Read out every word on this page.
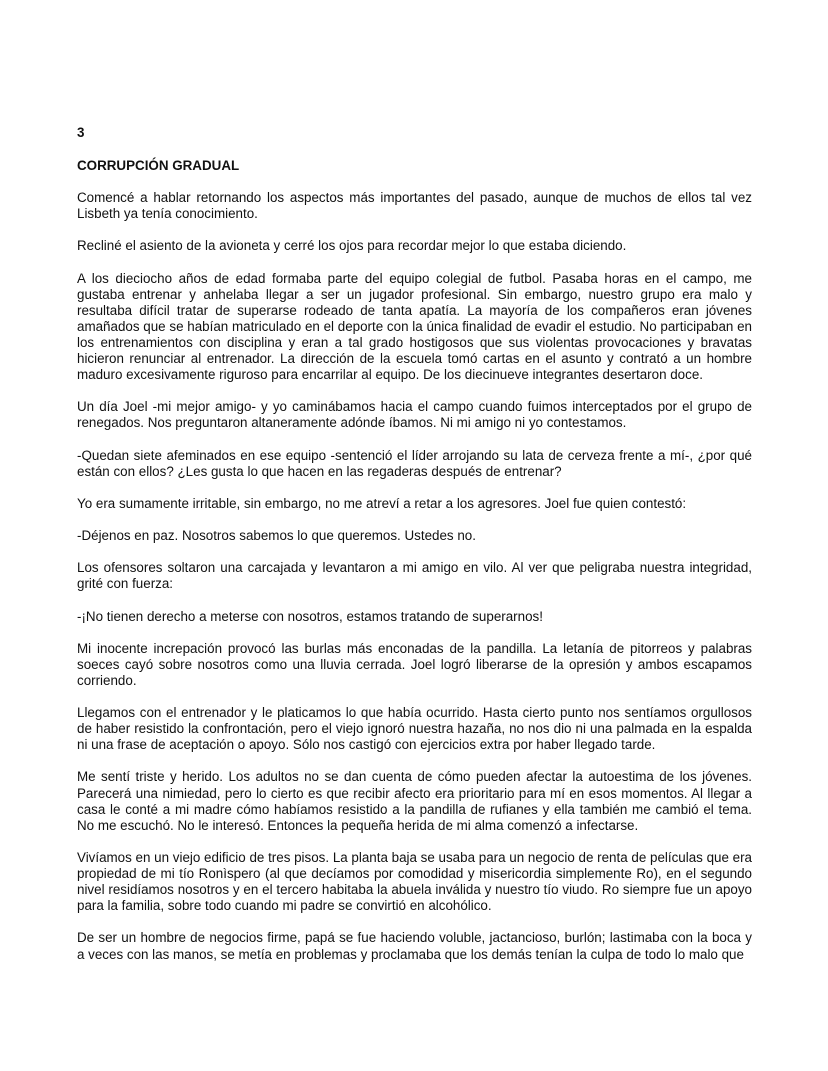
3
CORRUPCIÓN GRADUAL

Comencé a hablar retornando los aspectos más importantes del pasado, aunque de muchos de ellos tal vez Lisbeth ya tenía conocimiento.

Recliné el asiento de la avioneta y cerré los ojos para recordar mejor lo que estaba diciendo.

A los dieciocho años de edad formaba parte del equipo colegial de futbol. Pasaba horas en el campo, me gustaba entrenar y anhelaba llegar a ser un jugador profesional. Sin embargo, nuestro grupo era malo y resultaba difícil tratar de superarse rodeado de tanta apatía. La mayoría de los compañeros eran jóvenes amañados que se habían matriculado en el deporte con la única finalidad de evadir el estudio. No participaban en los entrenamientos con disciplina y eran a tal grado hostigosos que sus violentas provocaciones y bravatas hicieron renunciar al entrenador. La dirección de la escuela tomó cartas en el asunto y contrató a un hombre maduro excesivamente riguroso para encarrilar al equipo. De los diecinueve integrantes desertaron doce.

Un día Joel -mi mejor amigo- y yo caminábamos hacia el campo cuando fuimos interceptados por el grupo de renegados. Nos preguntaron altaneramente adónde íbamos. Ni mi amigo ni yo contestamos.

-Quedan siete afeminados en ese equipo -sentenció el líder arrojando su lata de cerveza frente a mí-, ¿por qué están con ellos? ¿Les gusta lo que hacen en las regaderas después de entrenar?

Yo era sumamente irritable, sin embargo, no me atreví a retar a los agresores. Joel fue quien contestó:

-Déjenos en paz. Nosotros sabemos lo que queremos. Ustedes no.

Los ofensores soltaron una carcajada y levantaron a mi amigo en vilo. Al ver que peligraba nuestra integridad, grité con fuerza:

-¡No tienen derecho a meterse con nosotros, estamos tratando de superarnos!

Mi inocente increpación provocó las burlas más enconadas de la pandilla. La letanía de pitorreos y palabras soeces cayó sobre nosotros como una lluvia cerrada. Joel logró liberarse de la opresión y ambos escapamos corriendo.

Llegamos con el entrenador y le platicamos lo que había ocurrido. Hasta cierto punto nos sentíamos orgullosos de haber resistido la confrontación, pero el viejo ignoró nuestra hazaña, no nos dio ni una palmada en la espalda ni una frase de aceptación o apoyo. Sólo nos castigó con ejercicios extra por haber llegado tarde.

Me sentí triste y herido. Los adultos no se dan cuenta de cómo pueden afectar la autoestima de los jóvenes. Parecerá una nimiedad, pero lo cierto es que recibir afecto era prioritario para mí en esos momentos. Al llegar a casa le conté a mi madre cómo habíamos resistido a la pandilla de rufianes y ella también me cambió el tema. No me escuchó. No le interesó. Entonces la pequeña herida de mi alma comenzó a infectarse.

Vivíamos en un viejo edificio de tres pisos. La planta baja se usaba para un negocio de renta de películas que era propiedad de mi tío Ronìspero (al que decíamos por comodidad y misericordia simplemente Ro), en el segundo nivel residíamos nosotros y en el tercero habitaba la abuela inválida y nuestro tío viudo. Ro siempre fue un apoyo para la familia, sobre todo cuando mi padre se convirtió en alcohólico.

De ser un hombre de negocios firme, papá se fue haciendo voluble, jactancioso, burlón; lastimaba con la boca y a veces con las manos, se metía en problemas y proclamaba que los demás tenían la culpa de todo lo malo que
